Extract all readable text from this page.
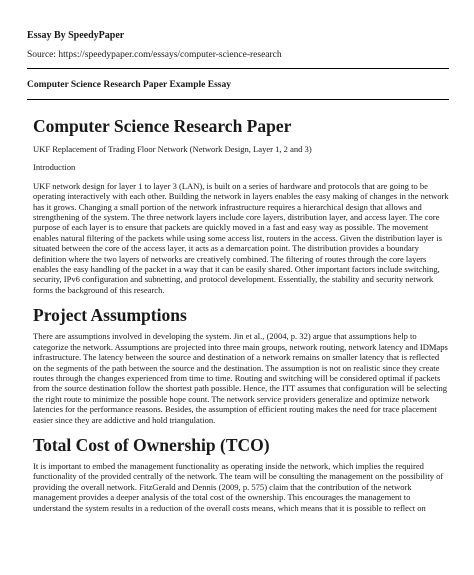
Essay By SpeedyPaper
Source: https://speedypaper.com/essays/computer-science-research
Computer Science Research Paper Example Essay
Computer Science Research Paper

UKF Replacement of Trading Floor Network (Network Design, Layer 1, 2 and 3)

Introduction

UKF network design for layer 1 to layer 3 (LAN), is built on a series of hardware and protocols that are going to be operating interactively with each other. Building the network in layers enables the easy making of changes in the network has it grows. Changing a small portion of the network infrastructure requires a hierarchical design that allows and strengthening of the system. The three network layers include core layers, distribution layer, and access layer. The core purpose of each layer is to ensure that packets are quickly moved in a fast and easy way as possible. The movement enables natural filtering of the packets while using some access list, routers in the access. Given the distribution layer is situated between the core of the access layer, it acts as a demarcation point. The distribution provides a boundary definition where the two layers of networks are creatively combined. The filtering of routes through the core layers enables the easy handling of the packet in a way that it can be easily shared. Other important factors include switching, security, IPv6 configuration and subnetting, and protocol development. Essentially, the stability and security network forms the background of this research.

Project Assumptions

There are assumptions involved in developing the system. Jin et al., (2004, p. 32) argue that assumptions help to categorize the network. Assumptions are projected into three main groups, network routing, network latency and IDMaps infrastructure. The latency between the source and destination of a network remains on smaller latency that is reflected on the segments of the path between the source and the destination. The assumption is not on realistic since they create routes through the changes experienced from time to time. Routing and switching will be considered optimal if packets from the source destination follow the shortest path possible. Hence, the ITT assumes that configuration will be selecting the right route to minimize the possible hope count. The network service providers generalize and optimize network latencies for the performance reasons. Besides, the assumption of efficient routing makes the need for trace placement easier since they are addictive and hold triangulation.

Total Cost of Ownership (TCO)

It is important to embed the management functionality as operating inside the network, which implies the required functionality of the provided centrally of the network. The team will be consulting the management on the possibility of providing the overall network. FitzGerald and Dennis (2009, p. 575) claim that the contribution of the network management provides a deeper analysis of the total cost of the ownership. This encourages the management to understand the system results in a reduction of the overall costs means, which means that it is possible to reflect on
